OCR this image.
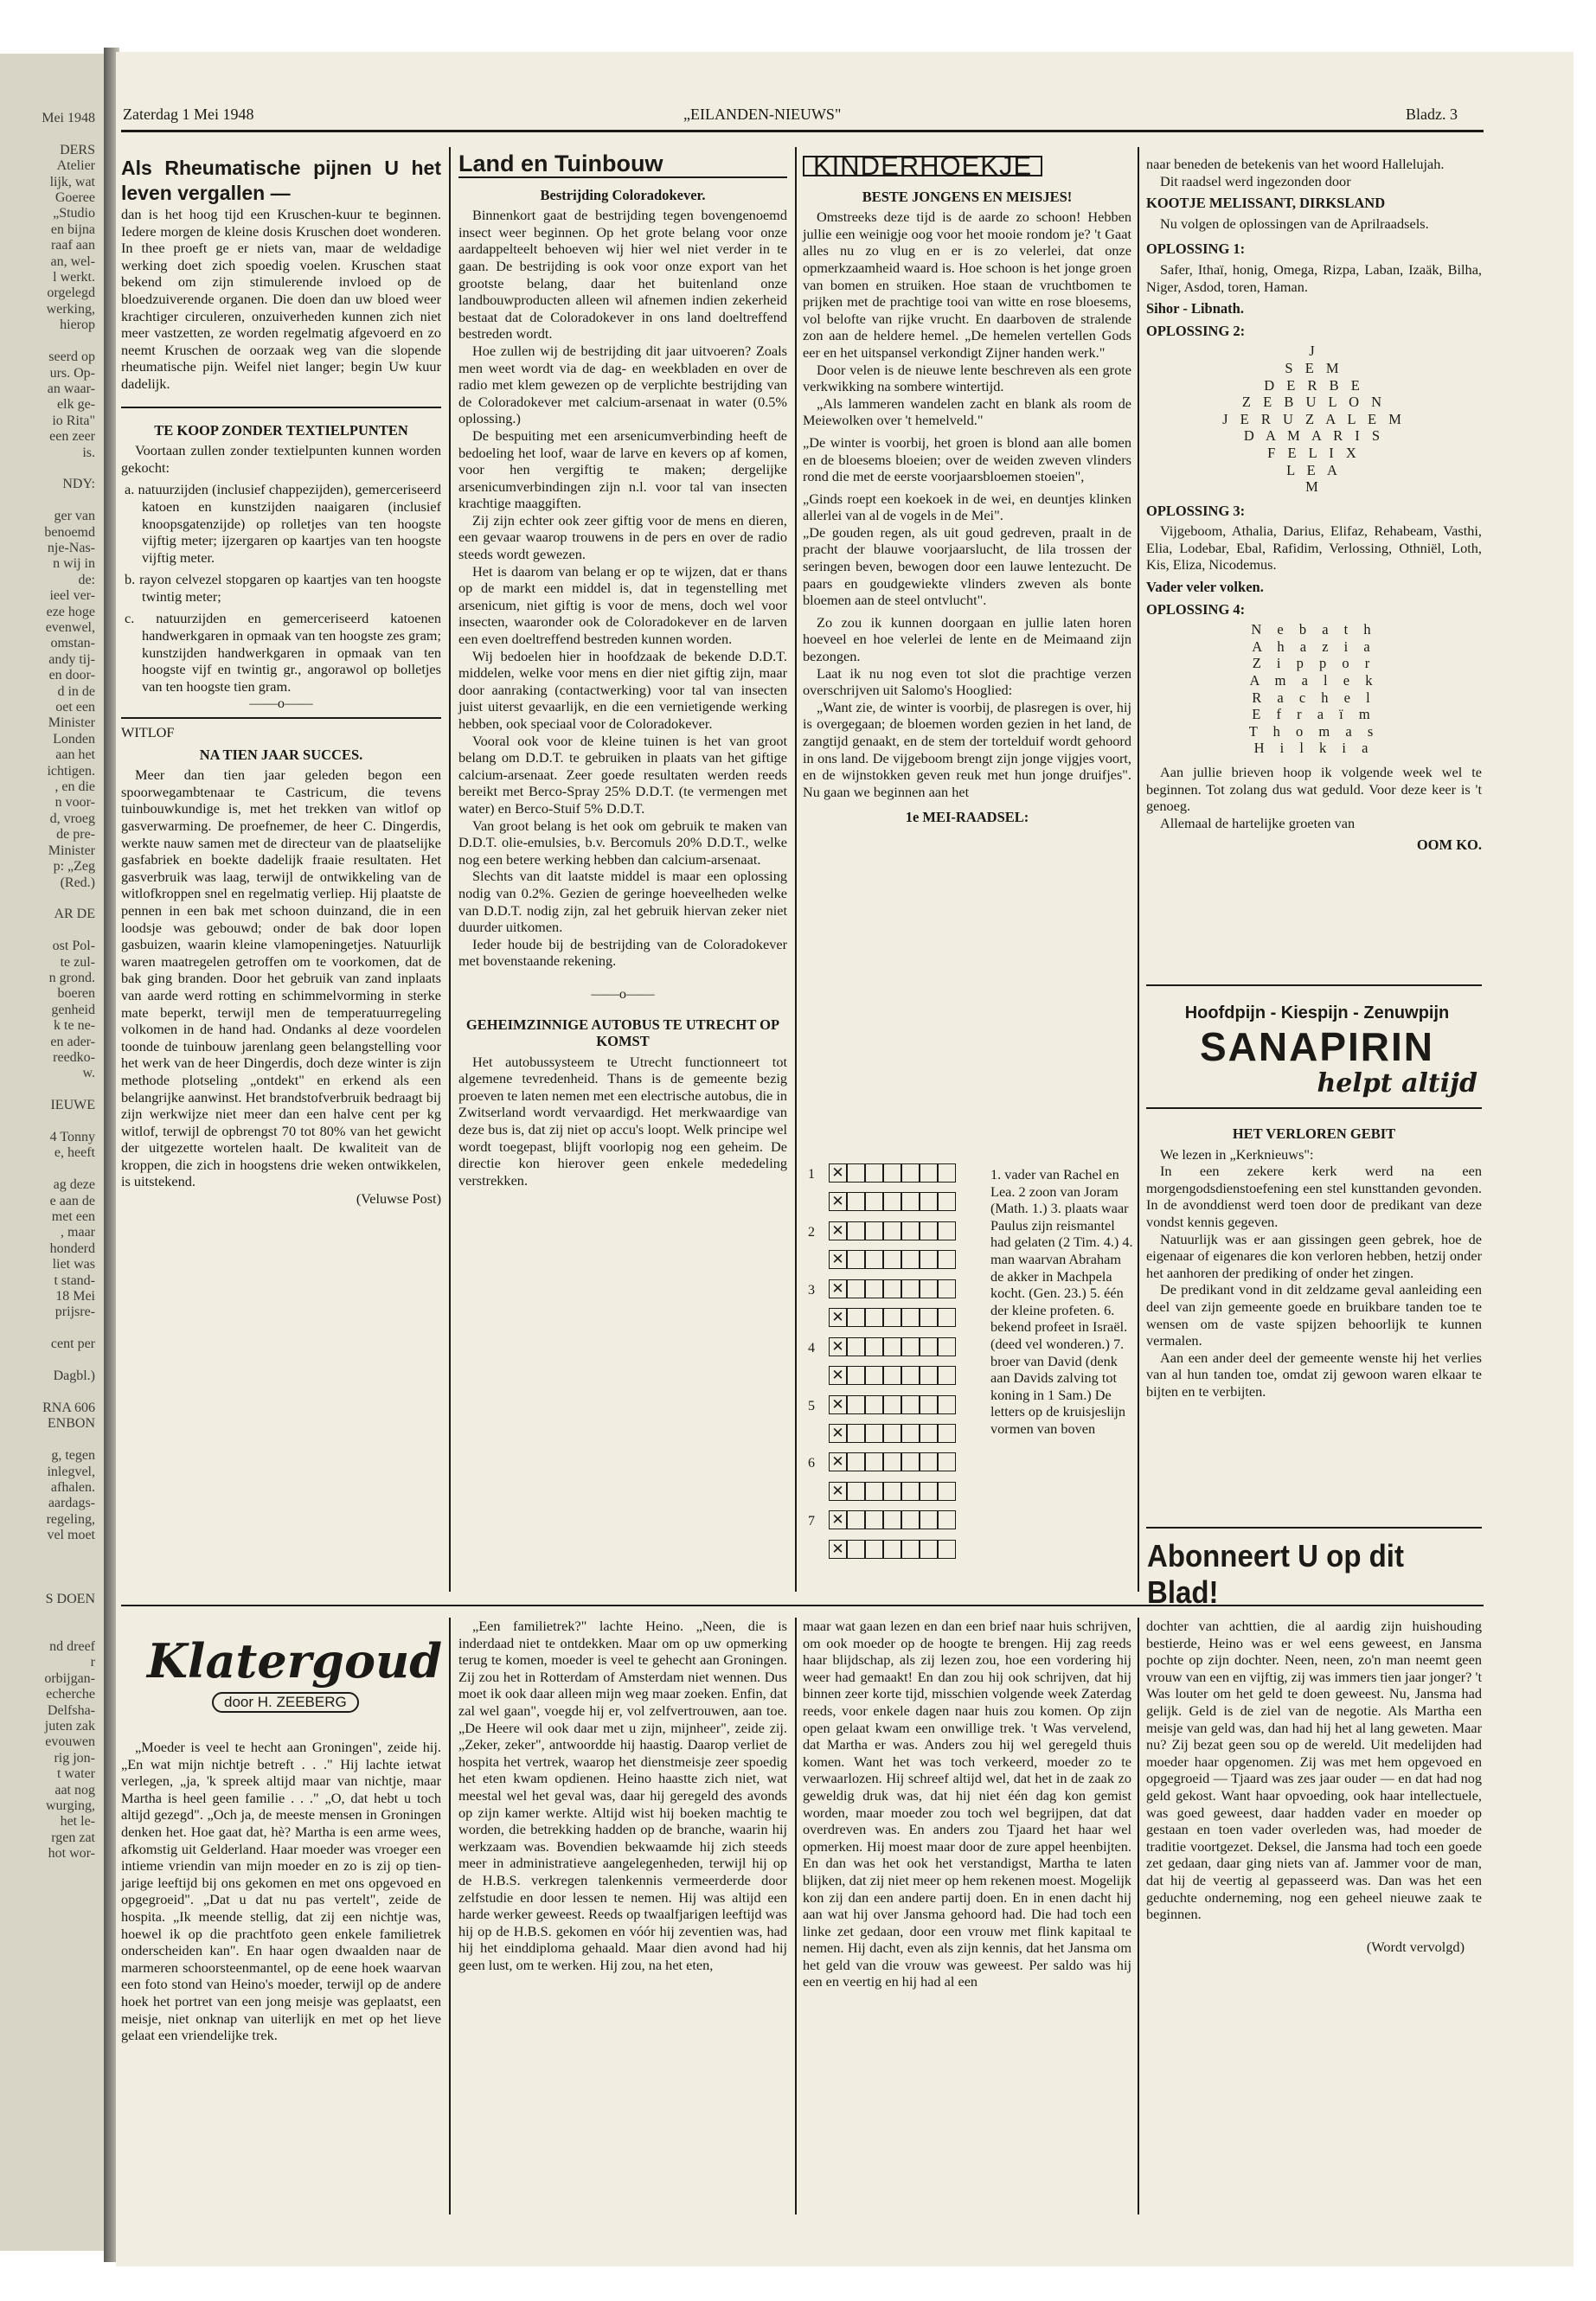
Mei 1948

DERS
Atelier
lijk, wat
Goeree
„Studio
en bijna
raaf aan
an, wel-
l werkt.
orgelegd
werking,
hierop

seerd op
urs. Op-
an waar-
elk ge-
io Rita"
een zeer
is.

NDY:

ger van
benoemd
nje-Nas-
n wij in
de:
ieel ver-
eze hoge
evenwel,
omstan-
andy tij-
en door-
d in de
oet een
Minister
Londen
aan het
ichtigen.
, en die
n voor-
d, vroeg
de pre-
Minister
p: „Zeg
(Red.)

AR DE

ost Pol-
te zul-
n grond.
boeren
genheid
k te ne-
en ader-
reedko-
w.

IEUWE

4 Tonny
e, heeft

ag deze
e aan de
met een
, maar
honderd
liet was
t stand-
18 Mei
prijsre-

cent per

Dagbl.)

RNA 606
ENBON

g, tegen
inlegvel,
afhalen.
aardags-
regeling,
vel moet

S DOEN

nd dreef
r
orbijgan-
echerche
Delfsha-
juten zak
evouwen
rig jon-
t water
aat nog
wurging,
het le-
rgen zat
hot wor-
Zaterdag 1 Mei 1948	„EILANDEN-NIEUWS"	Bladz. 3
Als Rheumatische pijnen U het leven vergallen —

dan is het hoog tijd een Kruschen-kuur te beginnen. Iedere morgen de kleine dosis Kruschen doet wonderen. In thee proeft ge er niets van, maar de weldadige werking doet zich spoedig voelen. Kruschen staat bekend om zijn stimulerende invloed op de bloedzuiverende organen. Die doen dan uw bloed weer krachtiger circuleren, onzuiverheden kunnen zich niet meer vastzetten, ze worden regelmatig afgevoerd en zo neemt Kruschen de oorzaak weg van die slopende rheumatische pijn. Weifel niet langer; begin Uw kuur dadelijk.

TE KOOP ZONDER TEXTIELPUNTEN

Voortaan zullen zonder textielpunten kunnen worden gekocht:

a. natuurzijden (inclusief chappezijden), gemerceriseerd katoen en kunstzijden naaigaren (inclusief knoopsgatenzijde) op rolletjes van ten hoogste vijftig meter; ijzergaren op kaartjes van ten hoogste vijftig meter.

b. rayon celvezel stopgaren op kaartjes van ten hoogste twintig meter;

c. natuurzijden en gemerceriseerd katoenen handwerkgaren in opmaak van ten hoogste zes gram; kunstzijden handwerkgaren in opmaak van ten hoogste vijf en twintig gr., angorawol op bolletjes van ten hoogste tien gram.

——o——

WITLOF

NA TIEN JAAR SUCCES.

Meer dan tien jaar geleden begon een spoorwegambtenaar te Castricum, die tevens tuinbouwkundige is, met het trekken van witlof op gasverwarming. De proefnemer, de heer C. Dingerdis, werkte nauw samen met de directeur van de plaatselijke gasfabriek en boekte dadelijk fraaie resultaten. Het gasverbruik was laag, terwijl de ontwikkeling van de witlofkroppen snel en regelmatig verliep. Hij plaatste de pennen in een bak met schoon duinzand, die in een loodsje was gebouwd; onder de bak door lopen gasbuizen, waarin kleine vlamopeningetjes. Natuurlijk waren maatregelen getroffen om te voorkomen, dat de bak ging branden. Door het gebruik van zand inplaats van aarde werd rotting en schimmelvorming in sterke mate beperkt, terwijl men de temperatuurregeling volkomen in de hand had. Ondanks al deze voordelen toonde de tuinbouw jarenlang geen belangstelling voor het werk van de heer Dingerdis, doch deze winter is zijn methode plotseling „ontdekt" en erkend als een belangrijke aanwinst. Het brandstofverbruik bedraagt bij zijn werkwijze niet meer dan een halve cent per kg witlof, terwijl de opbrengst 70 tot 80% van het gewicht der uitgezette wortelen haalt. De kwaliteit van de kroppen, die zich in hoogstens drie weken ontwikkelen, is uitstekend.

(Veluwse Post)
Land en Tuinbouw
Bestrijding Coloradokever.

Binnenkort gaat de bestrijding tegen bovengenoemd insect weer beginnen. Op het grote belang voor onze aardappelteelt behoeven wij hier wel niet verder in te gaan. De bestrijding is ook voor onze export van het grootste belang, daar het buitenland onze landbouwproducten alleen wil afnemen indien zekerheid bestaat dat de Coloradokever in ons land doeltreffend bestreden wordt.

Hoe zullen wij de bestrijding dit jaar uitvoeren? Zoals men weet wordt via de dag- en weekbladen en over de radio met klem gewezen op de verplichte bestrijding van de Coloradokever met calcium-arsenaat in water (0.5% oplossing.)

De bespuiting met een arsenicumverbinding heeft de bedoeling het loof, waar de larve en kevers op af komen, voor hen vergiftig te maken; dergelijke arsenicumverbindingen zijn n.l. voor tal van insecten krachtige maaggiften.

Zij zijn echter ook zeer giftig voor de mens en dieren, een gevaar waarop trouwens in de pers en over de radio steeds wordt gewezen.

Het is daarom van belang er op te wijzen, dat er thans op de markt een middel is, dat in tegenstelling met arsenicum, niet giftig is voor de mens, doch wel voor insecten, waaronder ook de Coloradokever en de larven een even doeltreffend bestreden kunnen worden.

Wij bedoelen hier in hoofdzaak de bekende D.D.T. middelen, welke voor mens en dier niet giftig zijn, maar door aanraking (contactwerking) voor tal van insecten juist uiterst gevaarlijk, en die een vernietigende werking hebben, ook speciaal voor de Coloradokever.

Vooral ook voor de kleine tuinen is het van groot belang om D.D.T. te gebruiken in plaats van het giftige calcium-arsenaat. Zeer goede resultaten werden reeds bereikt met Berco-Spray 25% D.D.T. (te vermengen met water) en Berco-Stuif 5% D.D.T.

Van groot belang is het ook om gebruik te maken van D.D.T. olie-emulsies, b.v. Bercomuls 20% D.D.T., welke nog een betere werking hebben dan calcium-arsenaat.

Slechts van dit laatste middel is maar een oplossing nodig van 0.2%. Gezien de geringe hoeveelheden welke van D.D.T. nodig zijn, zal het gebruik hiervan zeker niet duurder uitkomen.

Ieder houde bij de bestrijding van de Coloradokever met bovenstaande rekening.

——o——
GEHEIMZINNIGE AUTOBUS TE UTRECHT OP KOMST

Het autobussysteem te Utrecht functionneert tot algemene tevredenheid. Thans is de gemeente bezig proeven te laten nemen met een electrische autobus, die in Zwitserland wordt vervaardigd. Het merkwaardige van deze bus is, dat zij niet op accu's loopt. Welk principe wel wordt toegepast, blijft voorlopig nog een geheim. De directie kon hierover geen enkele mededeling verstrekken.

KINDERHOEKJE
BESTE JONGENS EN MEISJES!

Omstreeks deze tijd is de aarde zo schoon! Hebben jullie een weinigje oog voor het mooie rondom je? 't Gaat alles nu zo vlug en er is zo velerlei, dat onze opmerkzaamheid waard is. Hoe schoon is het jonge groen van bomen en struiken. Hoe staan de vruchtbomen te prijken met de prachtige tooi van witte en rose bloesems, vol belofte van rijke vrucht. En daarboven de stralende zon aan de heldere hemel. „De hemelen vertellen Gods eer en het uitspansel verkondigt Zijner handen werk."

Door velen is de nieuwe lente beschreven als een grote verkwikking na sombere wintertijd.

„Als lammeren wandelen zacht en blank als room de Meiewolken over 't hemelveld."

„De winter is voorbij, het groen is blond aan alle bomen en de bloesems bloeien; over de weiden zweven vlinders rond die met de eerste voorjaarsbloemen stoeien",

„Ginds roept een koekoek in de wei, en deuntjes klinken allerlei van al de vogels in de Mei".

„De gouden regen, als uit goud gedreven, praalt in de pracht der blauwe voorjaarslucht, de lila trossen der seringen beven, bewogen door een lauwe lentezucht. De paars en goudgewiekte vlinders zweven als bonte bloemen aan de steel ontvlucht".

Zo zou ik kunnen doorgaan en jullie laten horen hoeveel en hoe velerlei de lente en de Meimaand zijn bezongen.

Laat ik nu nog even tot slot die prachtige verzen overschrijven uit Salomo's Hooglied:

„Want zie, de winter is voorbij, de plasregen is over, hij is overgegaan; de bloemen worden gezien in het land, de zangtijd genaakt, en de stem der tortelduif wordt gehoord in ons land. De vijgeboom brengt zijn jonge vijgjes voort, en de wijnstokken geven reuk met hun jonge druifjes". Nu gaan we beginnen aan het

1e MEI-RAADSEL:
1 ✕
✕
2 ✕
✕
3 ✕
✕
4 ✕
✕
5 ✕
✕
6 ✕
✕
7 ✕
✕

1. vader van Rachel en Lea. 2 zoon van Joram (Math. 1.) 3. plaats waar Paulus zijn reismantel had gelaten (2 Tim. 4.) 4. man waarvan Abraham de akker in Machpela kocht. (Gen. 23.) 5. één der kleine profeten. 6. bekend profeet in Israël. (deed vel wonderen.) 7. broer van David (denk aan Davids zalving tot koning in 1 Sam.) De letters op de kruisjeslijn vormen van boven

naar beneden de betekenis van het woord Hallelujah.

Dit raadsel werd ingezonden door

KOOTJE MELISSANT, DIRKSLAND

Nu volgen de oplossingen van de Aprilraadsels.

OPLOSSING 1:

Safer, Ithaï, honig, Omega, Rizpa, Laban, Izaäk, Bilha, Niger, Asdod, toren, Haman.

Sihor - Libnath.
OPLOSSING 2:
J
S E M
D E R B E
Z E B U L O N
J E R U Z A L E M
D A M A R I S
F E L I X
L E A
M
OPLOSSING 3:

Vijgeboom, Athalia, Darius, Elifaz, Rehabeam, Vasthi, Elia, Lodebar, Ebal, Rafidim, Verlossing, Othniël, Loth, Kis, Eliza, Nicodemus.

Vader veler volken.
OPLOSSING 4:
N e b a t h
A h a z i a
Z i p p o r
A m a l e k
R a c h e l
E f r a ï m
T h o m a s
H i l k i a

Aan jullie brieven hoop ik volgende week wel te beginnen. Tot zolang dus wat geduld. Voor deze keer is 't genoeg.

Allemaal de hartelijke groeten van

OOM KO.
Hoofdpijn - Kiespijn - Zenuwpijn
SANAPIRIN
helpt altijd
HET VERLOREN GEBIT

We lezen in „Kerknieuws":

In een zekere kerk werd na een morgengodsdienstoefening een stel kunsttanden gevonden. In de avonddienst werd toen door de predikant van deze vondst kennis gegeven.

Natuurlijk was er aan gissingen geen gebrek, hoe de eigenaar of eigenares die kon verloren hebben, hetzij onder het aanhoren der prediking of onder het zingen.

De predikant vond in dit zeldzame geval aanleiding een deel van zijn gemeente goede en bruikbare tanden toe te wensen om de vaste spijzen behoorlijk te kunnen vermalen.

Aan een ander deel der gemeente wenste hij het verlies van al hun tanden toe, omdat zij gewoon waren elkaar te bijten en te verbijten.

Abonneert U op dit Blad!
Klatergoud
door H. ZEEBERG

„Moeder is veel te hecht aan Groningen", zeide hij. „En wat mijn nichtje betreft . . ." Hij lachte ietwat verlegen, „ja, 'k spreek altijd maar van nichtje, maar Martha is heel geen familie . . ." „O, dat hebt u toch altijd gezegd". „Och ja, de meeste mensen in Groningen denken het. Hoe gaat dat, hè? Martha is een arme wees, afkomstig uit Gelderland. Haar moeder was vroeger een intieme vriendin van mijn moeder en zo is zij op tien-jarige leeftijd bij ons gekomen en met ons opgevoed en opgegroeid". „Dat u dat nu pas vertelt", zeide de hospita. „Ik meende stellig, dat zij een nichtje was, hoewel ik op die prachtfoto geen enkele familietrek onderscheiden kan". En haar ogen dwaalden naar de marmeren schoorsteenmantel, op de eene hoek waarvan een foto stond van Heino's moeder, terwijl op de andere hoek het portret van een jong meisje was geplaatst, een meisje, niet onknap van uiterlijk en met op het lieve gelaat een vriendelijke trek.

„Een familietrek?" lachte Heino. „Neen, die is inderdaad niet te ontdekken. Maar om op uw opmerking terug te komen, moeder is veel te gehecht aan Groningen. Zij zou het in Rotterdam of Amsterdam niet wennen. Dus moet ik ook daar alleen mijn weg maar zoeken. Enfin, dat zal wel gaan", voegde hij er, vol zelfvertrouwen, aan toe. „De Heere wil ook daar met u zijn, mijnheer", zeide zij. „Zeker, zeker", antwoordde hij haastig. Daarop verliet de hospita het vertrek, waarop het dienstmeisje zeer spoedig het eten kwam opdienen. Heino haastte zich niet, wat meestal wel het geval was, daar hij geregeld des avonds op zijn kamer werkte. Altijd wist hij boeken machtig te worden, die betrekking hadden op de branche, waarin hij werkzaam was. Bovendien bekwaamde hij zich steeds meer in administratieve aangelegenheden, terwijl hij op de H.B.S. verkregen talenkennis vermeerderde door zelfstudie en door lessen te nemen. Hij was altijd een harde werker geweest. Reeds op twaalfjarigen leeftijd was hij op de H.B.S. gekomen en vóór hij zeventien was, had hij het einddiploma gehaald. Maar dien avond had hij geen lust, om te werken. Hij zou, na het eten,

maar wat gaan lezen en dan een brief naar huis schrijven, om ook moeder op de hoogte te brengen. Hij zag reeds haar blijdschap, als zij lezen zou, hoe een vordering hij weer had gemaakt! En dan zou hij ook schrijven, dat hij binnen zeer korte tijd, misschien volgende week Zaterdag reeds, voor enkele dagen naar huis zou komen. Op zijn open gelaat kwam een onwillige trek. 't Was vervelend, dat Martha er was. Anders zou hij wel geregeld thuis komen. Want het was toch verkeerd, moeder zo te verwaarlozen. Hij schreef altijd wel, dat het in de zaak zo geweldig druk was, dat hij niet één dag kon gemist worden, maar moeder zou toch wel begrijpen, dat dat overdreven was. En anders zou Tjaard het haar wel opmerken. Hij moest maar door de zure appel heenbijten. En dan was het ook het verstandigst, Martha te laten blijken, dat zij niet meer op hem rekenen moest. Mogelijk kon zij dan een andere partij doen. En in enen dacht hij aan wat hij over Jansma gehoord had. Die had toch een linke zet gedaan, door een vrouw met flink kapitaal te nemen. Hij dacht, even als zijn kennis, dat het Jansma om het geld van die vrouw was geweest. Per saldo was hij een en veertig en hij had al een

dochter van achttien, die al aardig zijn huishouding bestierde, Heino was er wel eens geweest, en Jansma pochte op zijn dochter. Neen, neen, zo'n man neemt geen vrouw van een en vijftig, zij was immers tien jaar jonger? 't Was louter om het geld te doen geweest. Nu, Jansma had gelijk. Geld is de ziel van de negotie. Als Martha een meisje van geld was, dan had hij het al lang geweten. Maar nu? Zij bezat geen sou op de wereld. Uit medelijden had moeder haar opgenomen. Zij was met hem opgevoed en opgegroeid — Tjaard was zes jaar ouder — en dat had nog geld gekost. Want haar opvoeding, ook haar intellectuele, was goed geweest, daar hadden vader en moeder op gestaan en toen vader overleden was, had moeder de traditie voortgezet. Deksel, die Jansma had toch een goede zet gedaan, daar ging niets van af. Jammer voor de man, dat hij de veertig al gepasseerd was. Dan was het een geduchte onderneming, nog een geheel nieuwe zaak te beginnen.

(Wordt vervolgd)
